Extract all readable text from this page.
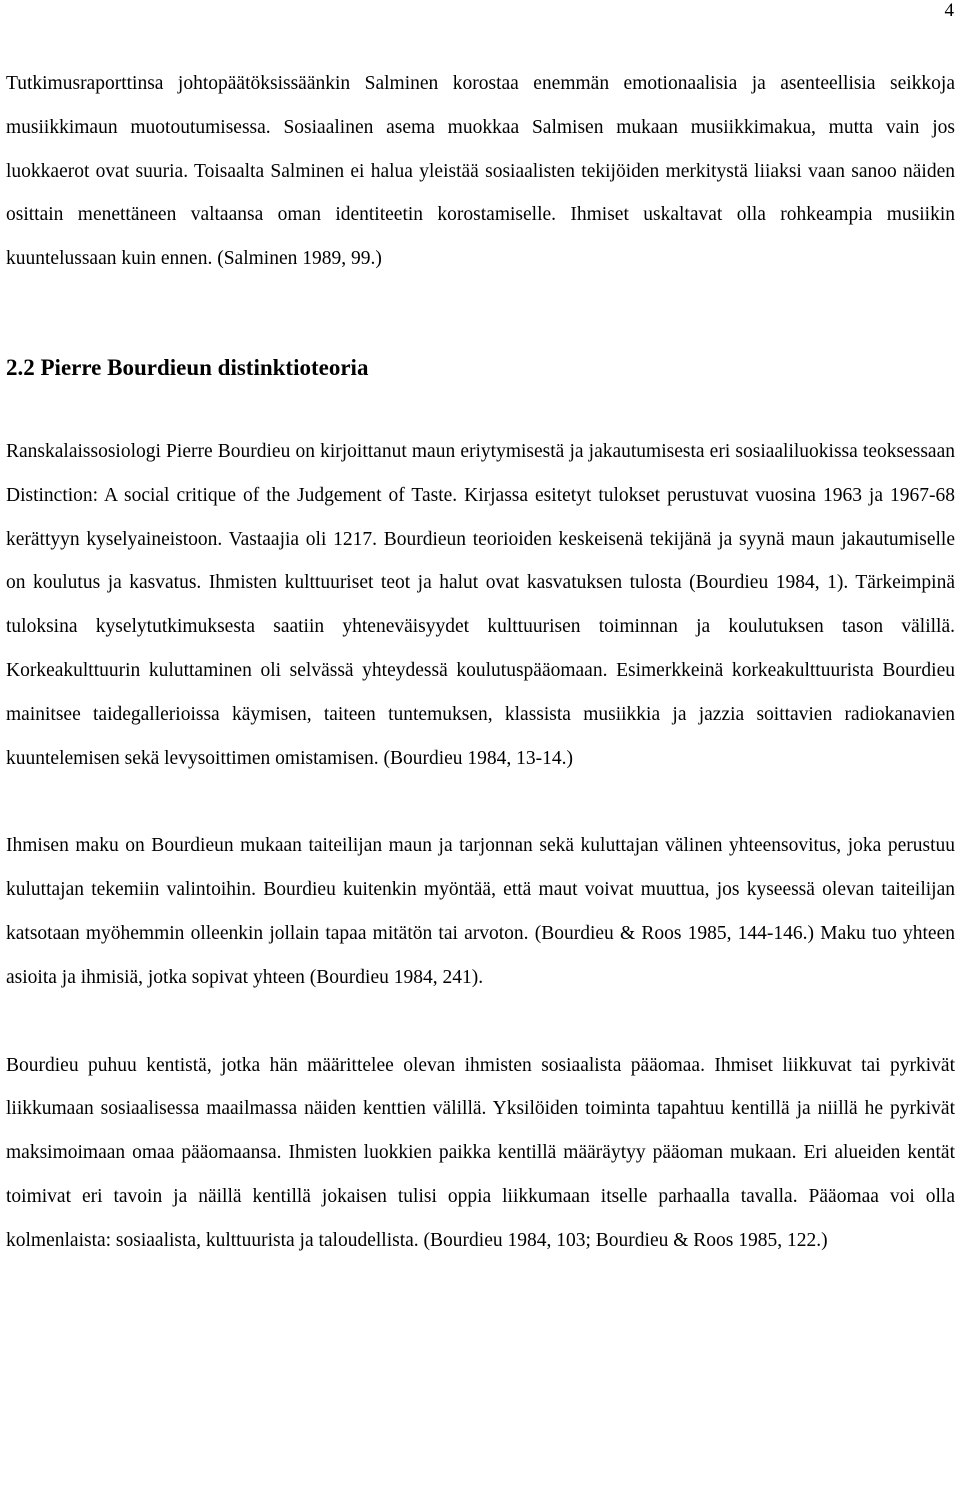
4

Tutkimusraporttinsa johtopäätöksissäänkin Salminen korostaa enemmän emotionaalisia ja asenteellisia seikkoja musiikkimaun muotoutumisessa. Sosiaalinen asema muokkaa Salmisen mukaan musiikkimakua, mutta vain jos luokkaerot ovat suuria. Toisaalta Salminen ei halua yleistää sosiaalisten tekijöiden merkitystä liiaksi vaan sanoo näiden osittain menettäneen valtaansa oman identiteetin korostamiselle. Ihmiset uskaltavat olla rohkeampia musiikin kuuntelussaan kuin ennen. (Salminen 1989, 99.)

2.2 Pierre Bourdieun distinktioteoria

Ranskalaissosiologi Pierre Bourdieu on kirjoittanut maun eriytymisestä ja jakautumisesta eri sosiaaliluokissa teoksessaan Distinction: A social critique of the Judgement of Taste. Kirjassa esitetyt tulokset perustuvat vuosina 1963 ja 1967-68 kerättyyn kyselyaineistoon. Vastaajia oli 1217. Bourdieun teorioiden keskeisenä tekijänä ja syynä maun jakautumiselle on koulutus ja kasvatus. Ihmisten kulttuuriset teot ja halut ovat kasvatuksen tulosta (Bourdieu 1984, 1). Tärkeimpinä tuloksina kyselytutkimuksesta saatiin yhteneväisyydet kulttuurisen toiminnan ja koulutuksen tason välillä. Korkeakulttuurin kuluttaminen oli selvässä yhteydessä koulutuspääomaan. Esimerkkeinä korkeakulttuurista Bourdieu mainitsee taidegallerioissa käymisen, taiteen tuntemuksen, klassista musiikkia ja jazzia soittavien radiokanavien kuuntelemisen sekä levysoittimen omistamisen. (Bourdieu 1984, 13-14.)

Ihmisen maku on Bourdieun mukaan taiteilijan maun ja tarjonnan sekä kuluttajan välinen yhteensovitus, joka perustuu kuluttajan tekemiin valintoihin. Bourdieu kuitenkin myöntää, että maut voivat muuttua, jos kyseessä olevan taiteilijan katsotaan myöhemmin olleenkin jollain tapaa mitätön tai arvoton. (Bourdieu & Roos 1985, 144-146.) Maku tuo yhteen asioita ja ihmisiä, jotka sopivat yhteen (Bourdieu 1984, 241).

Bourdieu puhuu kentistä, jotka hän määrittelee olevan ihmisten sosiaalista pääomaa. Ihmiset liikkuvat tai pyrkivät liikkumaan sosiaalisessa maailmassa näiden kenttien välillä. Yksilöiden toiminta tapahtuu kentillä ja niillä he pyrkivät maksimoimaan omaa pääomaansa. Ihmisten luokkien paikka kentillä määräytyy pääoman mukaan. Eri alueiden kentät toimivat eri tavoin ja näillä kentillä jokaisen tulisi oppia liikkumaan itselle parhaalla tavalla. Pääomaa voi olla kolmenlaista: sosiaalista, kulttuurista ja taloudellista. (Bourdieu 1984, 103; Bourdieu & Roos 1985, 122.)
